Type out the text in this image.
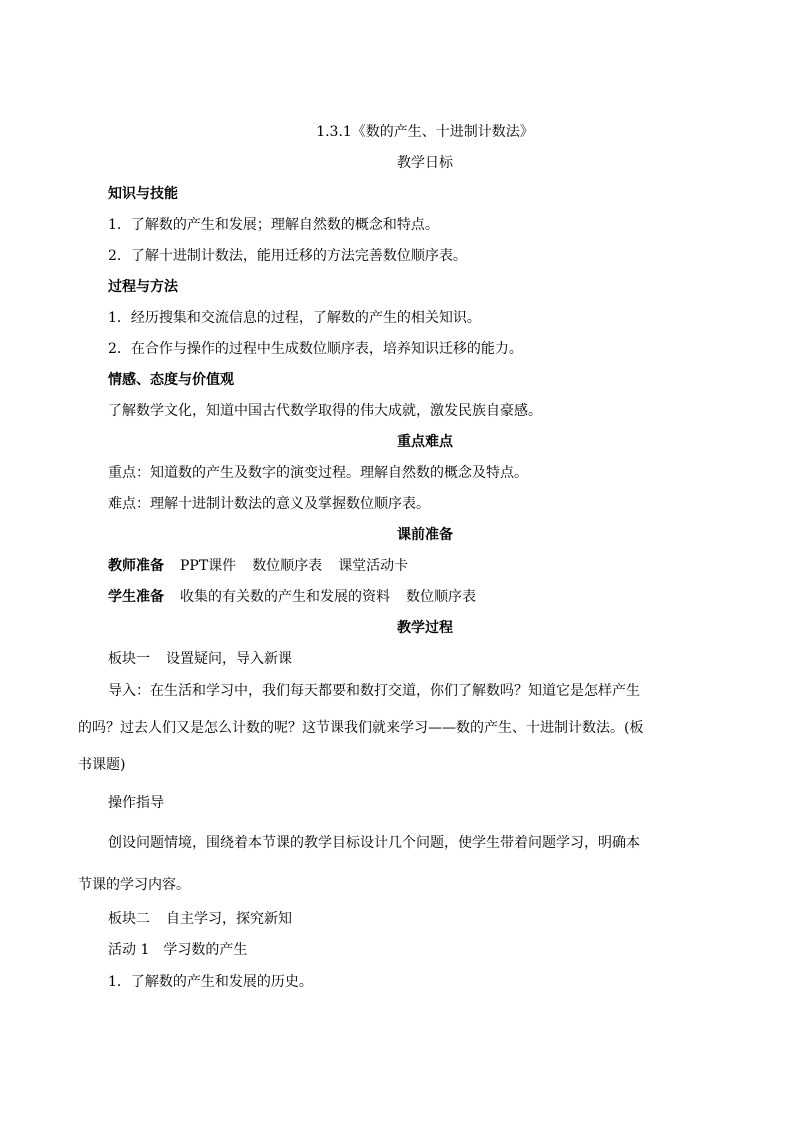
1.3.1《数的产生、十进制计数法》
教学日标
知识与技能
1．了解数的产生和发展；理解自然数的概念和特点。
2．了解十进制计数法，能用迁移的方法完善数位顺序表。
过程与方法
1．经历搜集和交流信息的过程，了解数的产生的相关知识。
2．在合作与操作的过程中生成数位顺序表，培养知识迁移的能力。
情感、态度与价值观
了解数学文化，知道中国古代数学取得的伟大成就，激发民族自豪感。
重点难点
重点：知道数的产生及数字的演变过程。理解自然数的概念及特点。
难点：理解十进制计数法的意义及掌握数位顺序表。
课前准备
教师准备 PPT课件 数位顺序表 课堂活动卡
学生准备 收集的有关数的产生和发展的资料 数位顺序表
教学过程
板块一 设置疑问，导入新课
导入：在生活和学习中，我们每天都要和数打交道，你们了解数吗？知道它是怎样产生
的吗？过去人们又是怎么计数的呢？这节课我们就来学习——数的产生、十进制计数法。(板
书课题)
操作指导
创设问题情境，围绕着本节课的教学目标设计几个问题，使学生带着问题学习，明确本
节课的学习内容。
板块二 自主学习，探究新知
活动 1 学习数的产生
1．了解数的产生和发展的历史。
